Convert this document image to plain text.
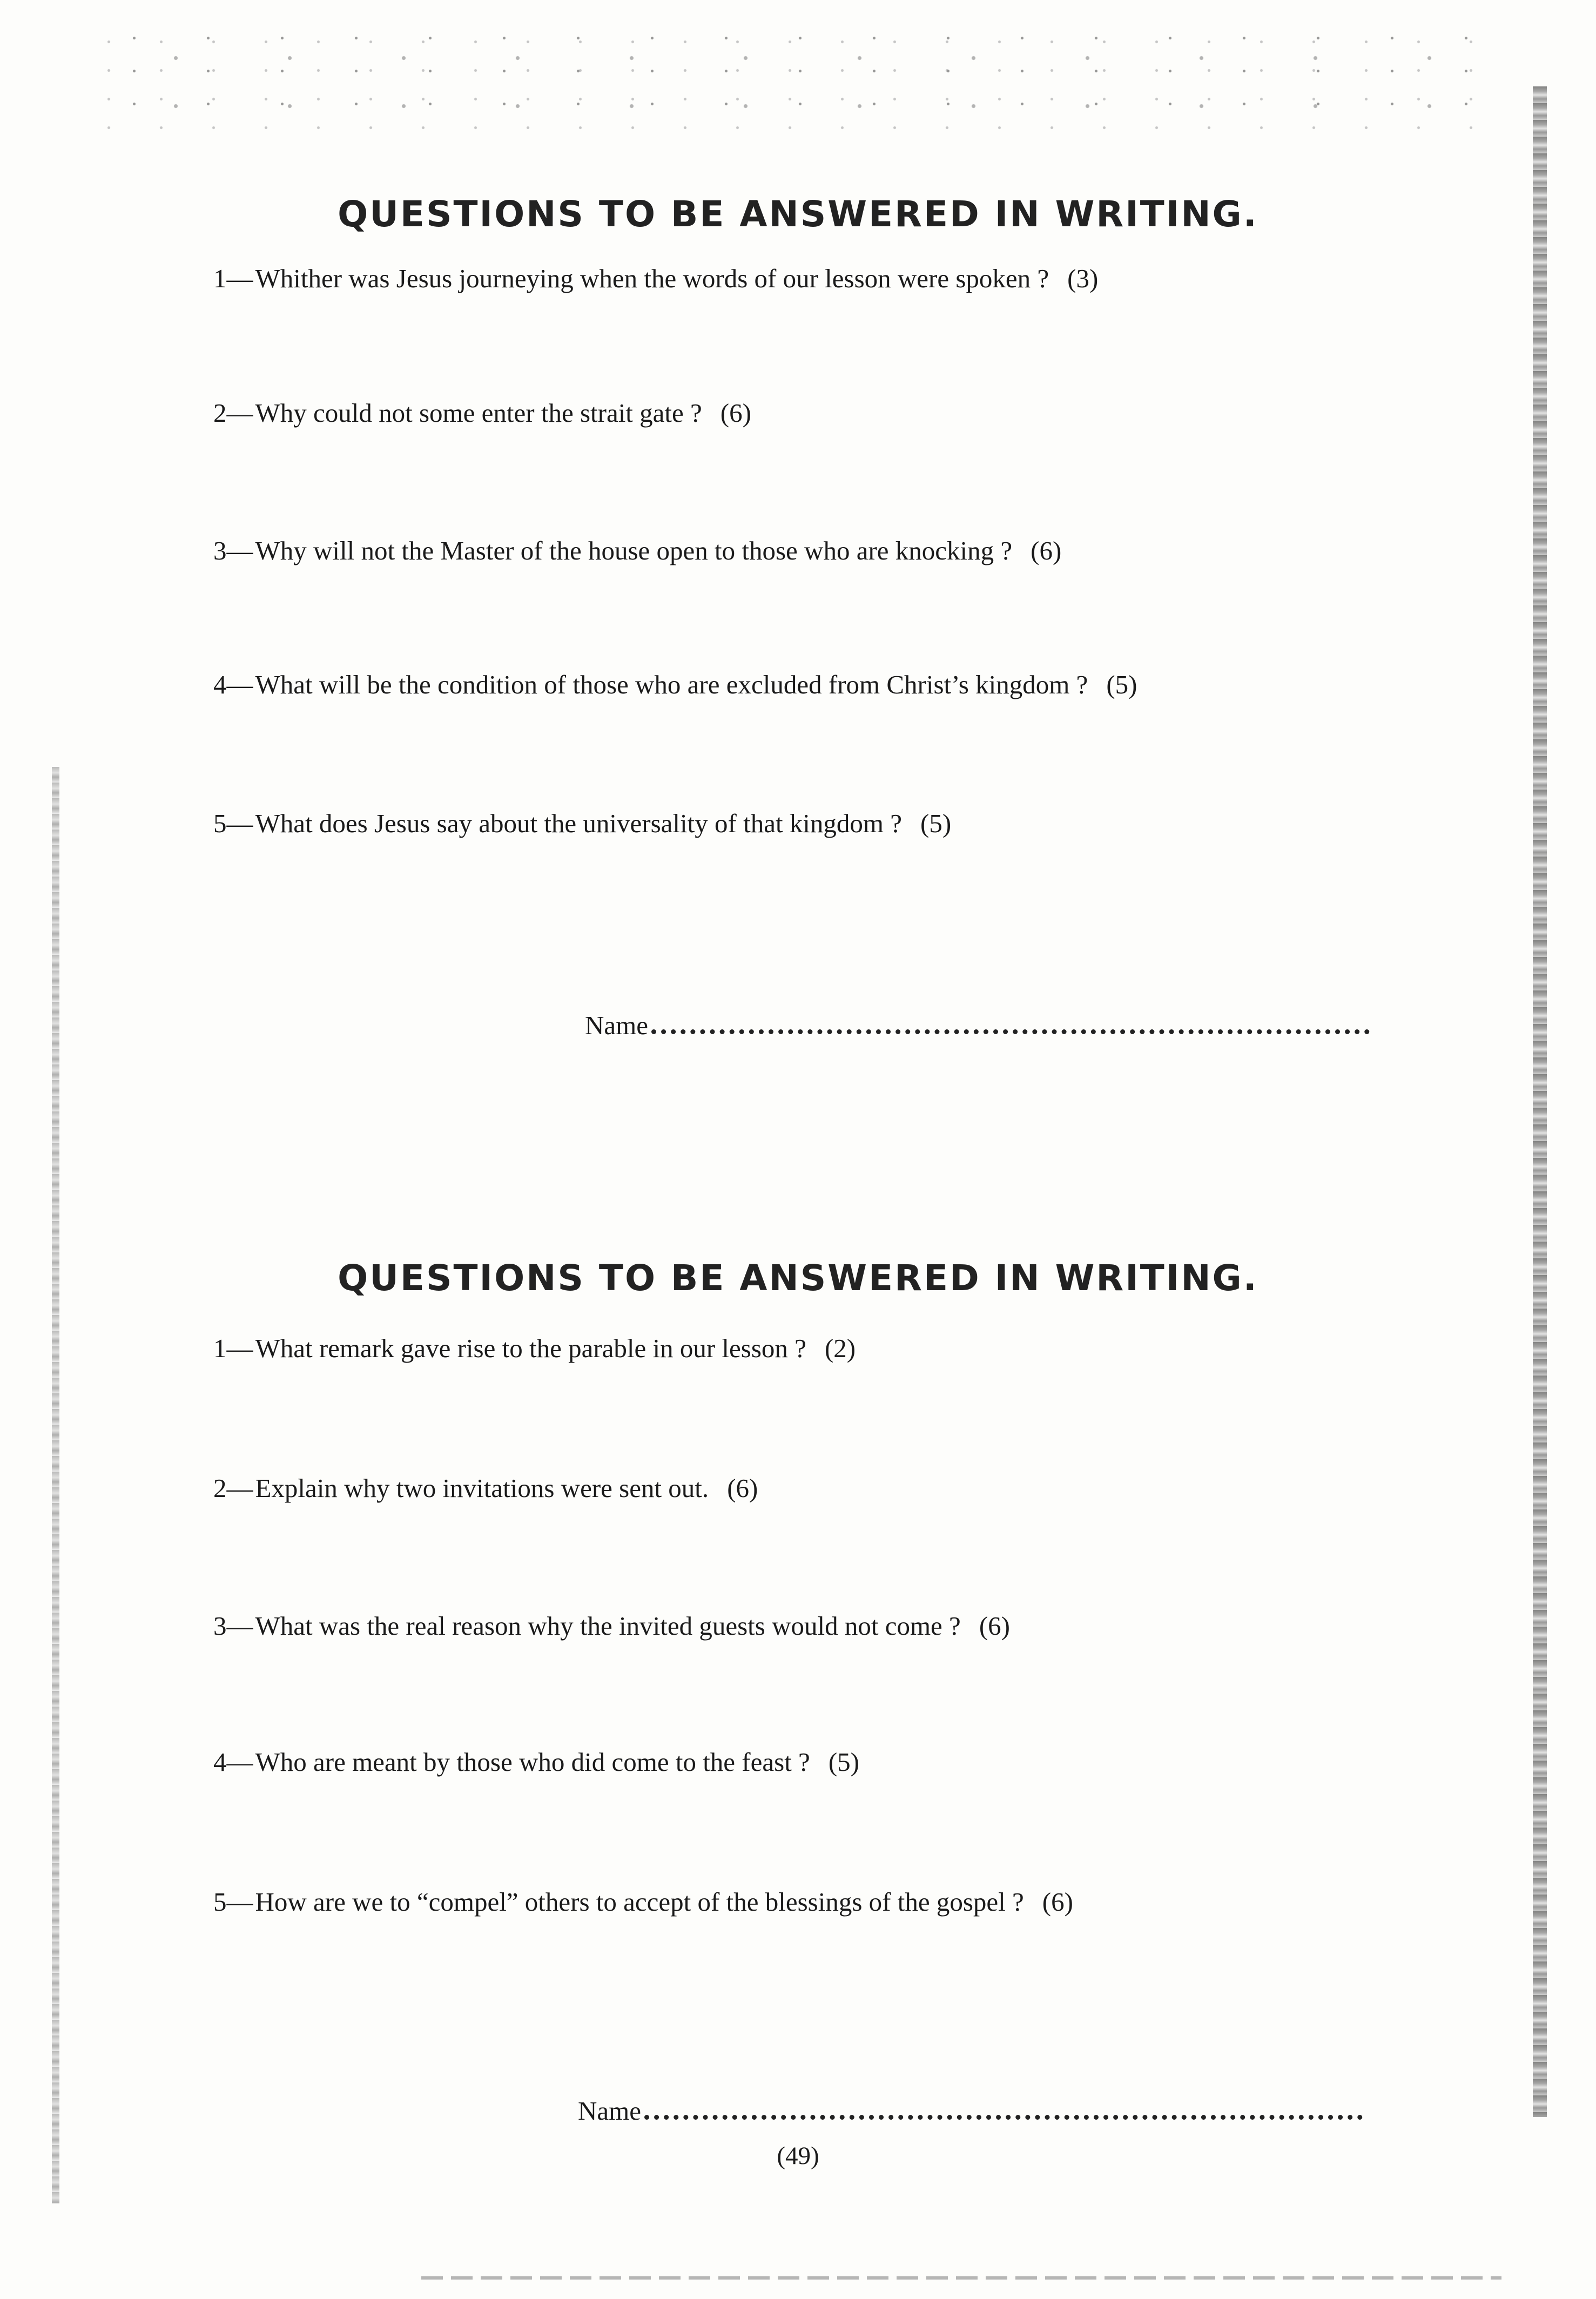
QUESTIONS TO BE ANSWERED IN WRITING.
1—Whither was Jesus journeying when the words of our lesson were spoken ? (3)
2—Why could not some enter the strait gate ? (6)
3—Why will not the Master of the house open to those who are knocking ? (6)
4—What will be the condition of those who are excluded from Christ’s kingdom ? (5)
5—What does Jesus say about the universality of that kingdom ? (5)
Name
QUESTIONS TO BE ANSWERED IN WRITING.
1—What remark gave rise to the parable in our lesson ? (2)
2—Explain why two invitations were sent out. (6)
3—What was the real reason why the invited guests would not come ? (6)
4—Who are meant by those who did come to the feast ? (5)
5—How are we to “compel” others to accept of the blessings of the gospel ? (6)
Name
(49)
